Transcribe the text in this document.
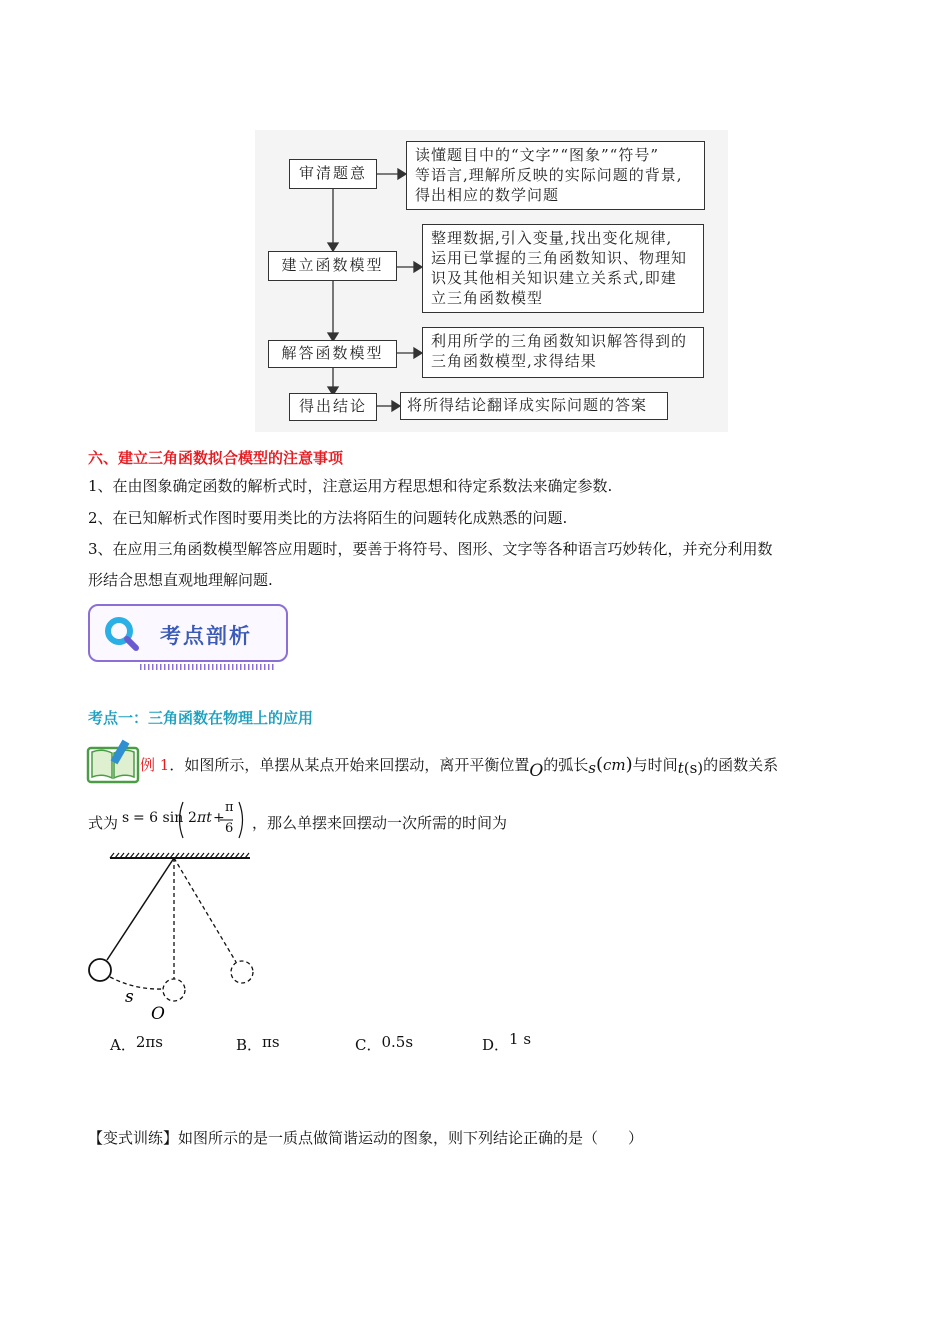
审清题意
建立函数模型
解答函数模型
得出结论
读懂题目中的“文字”“图象”“符号”
等语言,理解所反映的实际问题的背景,
得出相应的数学问题
整理数据,引入变量,找出变化规律,
运用已掌握的三角函数知识、物理知
识及其他相关知识建立关系式,即建
立三角函数模型
利用所学的三角函数知识解答得到的
三角函数模型,求得结果
将所得结论翻译成实际问题的答案
六、建立三角函数拟合模型的注意事项
1、在由图象确定函数的解析式时，注意运用方程思想和待定系数法来确定参数.
2、在已知解析式作图时要用类比的方法将陌生的问题转化成熟悉的问题.
3、在应用三角函数模型解答应用题时，要善于将符号、图形、文字等各种语言巧妙转化，并充分利用数
形结合思想直观地理解问题.
考点剖析
考点一：三角函数在物理上的应用
例 1．如图所示，单摆从某点开始来回摆动，离开平衡位置O的弧长s(cm)与时间t(s)的函数关系
式为 s = 6 sin 2 πt +
π
6 ，那么单摆来回摆动一次所需的时间为
s
O
A．2πs	B．πs	C．0.5s	D．1 s
【变式训练】如图所示的是一质点做简谐运动的图象，则下列结论正确的是（　　）
